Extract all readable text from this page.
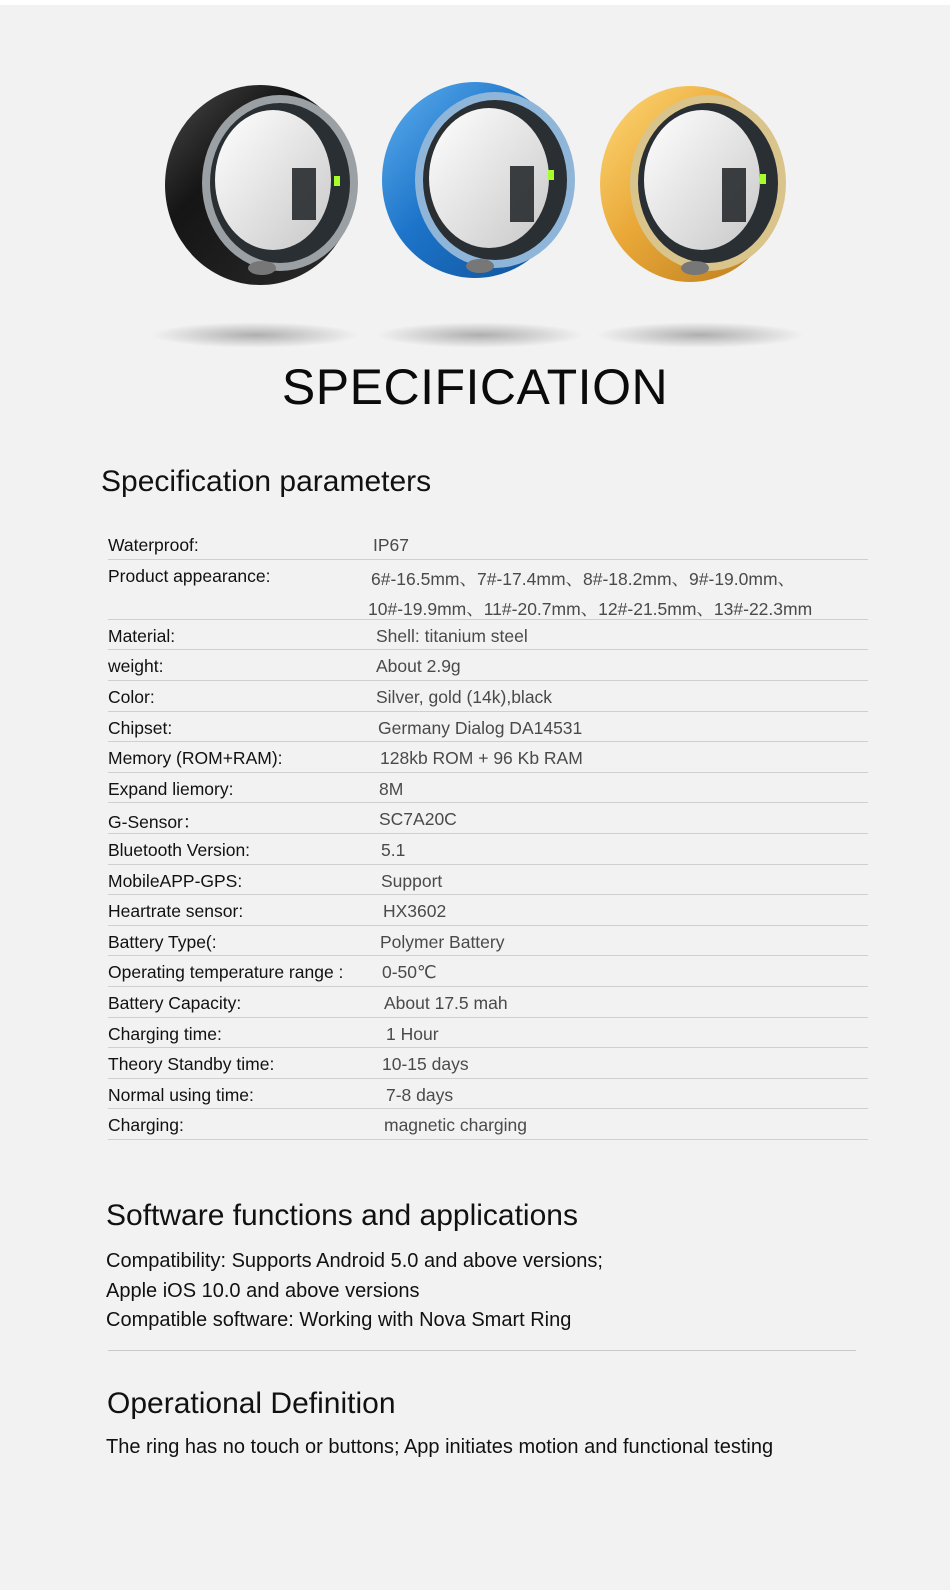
SPECIFICATION
Specification parameters
Waterproof:	IP67
Product appearance:	6#-16.5mm、7#-17.4mm、8#-18.2mm、9#-19.0mm、
10#-19.9mm、11#-20.7mm、12#-21.5mm、13#-22.3mm
Material:	Shell: titanium steel
weight:	About 2.9g
Color:	Silver, gold (14k),black
Chipset:	Germany Dialog DA14531
Memory (ROM+RAM):	128kb ROM + 96 Kb RAM
Expand liemory:	8M
G-Sensor：	SC7A20C
Bluetooth Version:	5.1
MobileAPP-GPS:	Support
Heartrate sensor:	HX3602
Battery Type(:	Polymer Battery
Operating temperature range : 0-50℃
Battery Capacity:	About 17.5 mah
Charging time:	1 Hour
Theory Standby time:	10-15 days
Normal using time:	7-8 days
Charging:	magnetic charging
Software functions and applications
Compatibility: Supports Android 5.0 and above versions;
Apple iOS 10.0 and above versions
Compatible software: Working with Nova Smart Ring
Operational Definition
The ring has no touch or buttons; App initiates motion and functional testing
